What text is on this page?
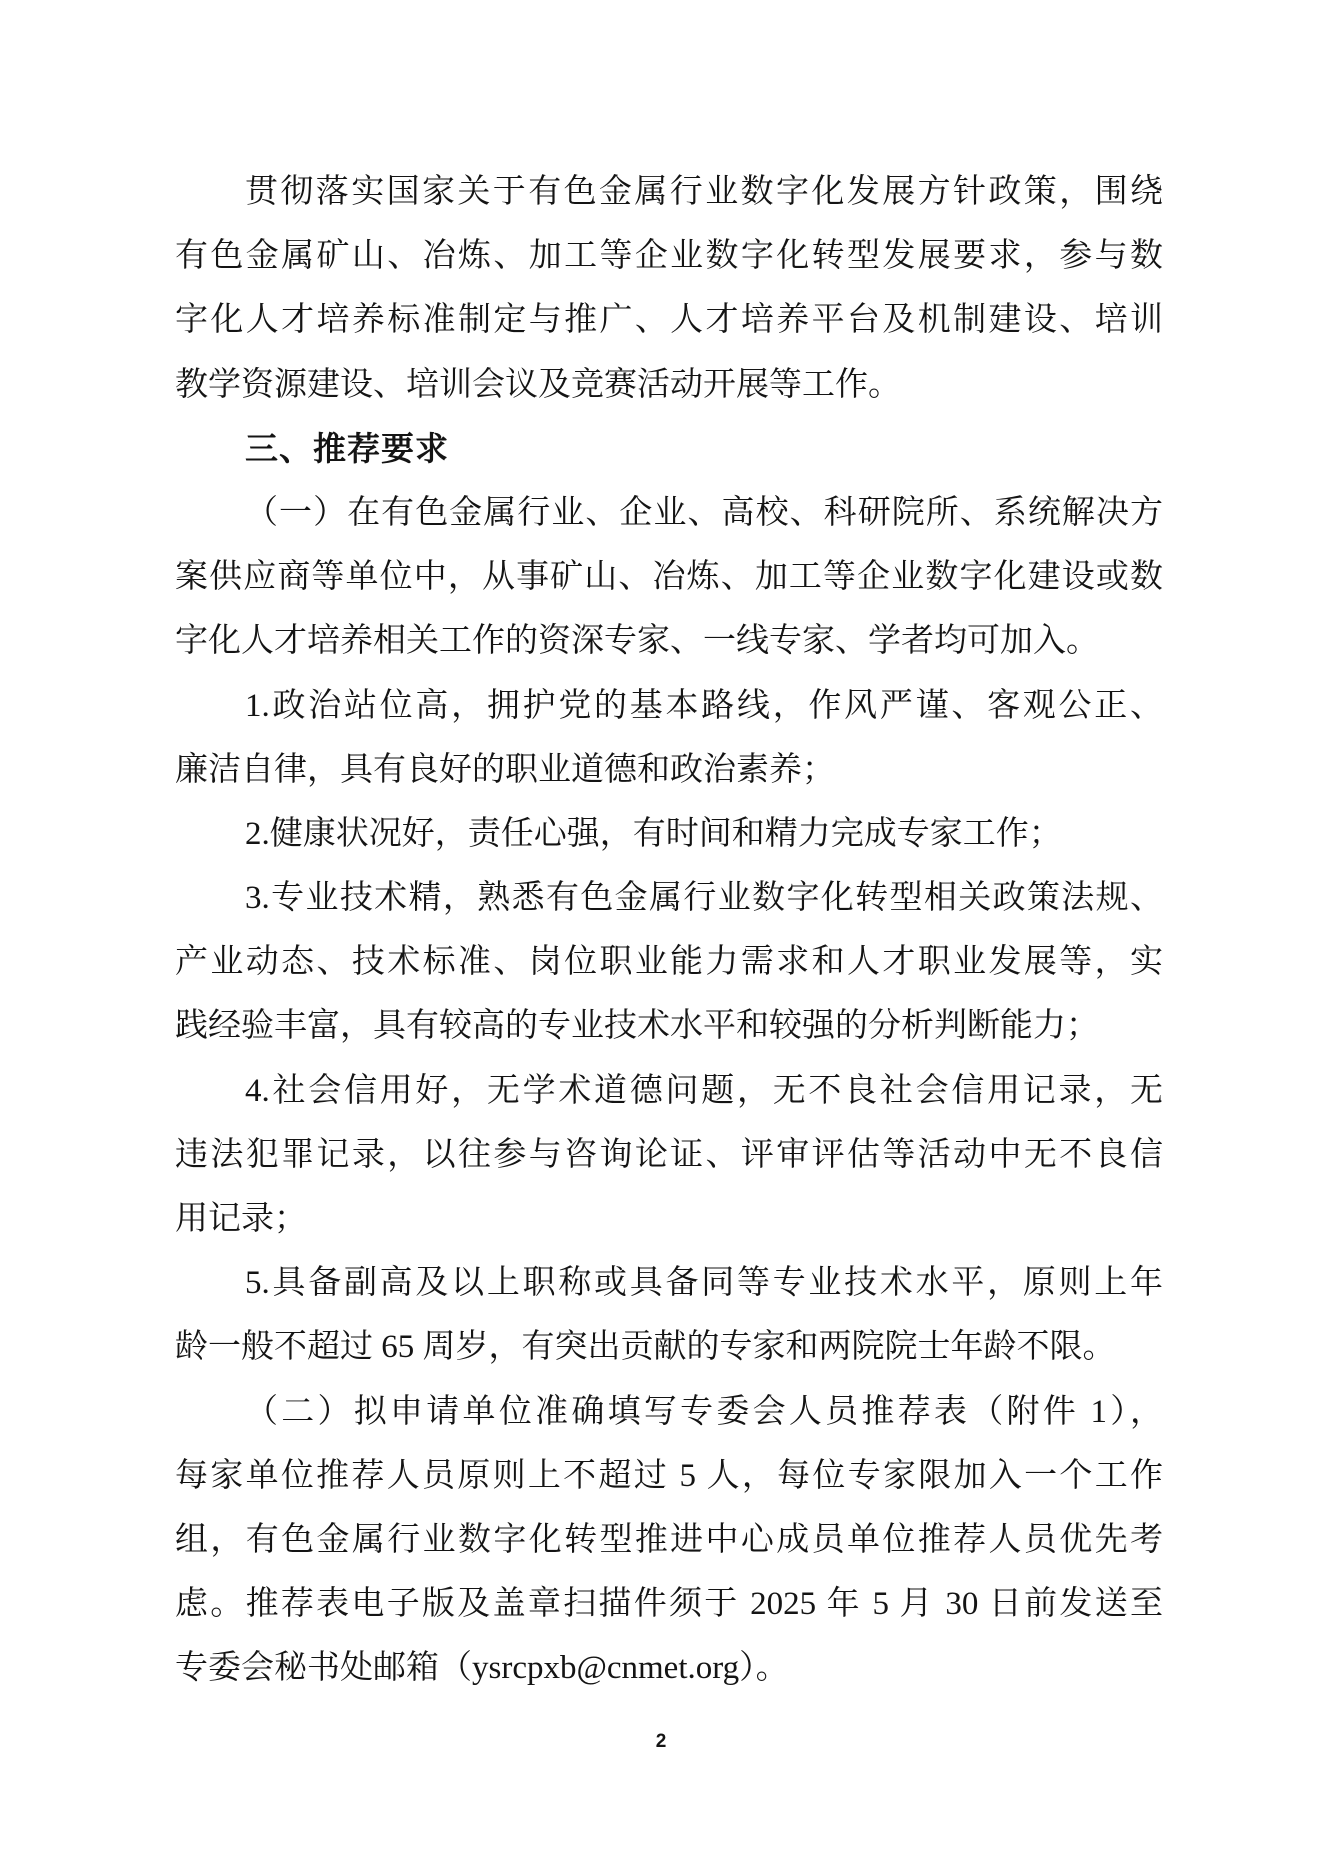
贯彻落实国家关于有色金属行业数字化发展方针政策，围绕
有色金属矿山、冶炼、加工等企业数字化转型发展要求，参与数
字化人才培养标准制定与推广、人才培养平台及机制建设、培训
教学资源建设、培训会议及竞赛活动开展等工作。
三、推荐要求
（一）在有色金属行业、企业、高校、科研院所、系统解决方
案供应商等单位中，从事矿山、冶炼、加工等企业数字化建设或数
字化人才培养相关工作的资深专家、一线专家、学者均可加入。
1.政治站位高，拥护党的基本路线，作风严谨、客观公正、
廉洁自律，具有良好的职业道德和政治素养；
2.健康状况好，责任心强，有时间和精力完成专家工作；
3.专业技术精，熟悉有色金属行业数字化转型相关政策法规、
产业动态、技术标准、岗位职业能力需求和人才职业发展等，实
践经验丰富，具有较高的专业技术水平和较强的分析判断能力；
4.社会信用好，无学术道德问题，无不良社会信用记录，无
违法犯罪记录，以往参与咨询论证、评审评估等活动中无不良信
用记录；
5.具备副高及以上职称或具备同等专业技术水平，原则上年
龄一般不超过 65 周岁，有突出贡献的专家和两院院士年龄不限。
（二）拟申请单位准确填写专委会人员推荐表（附件 1），
每家单位推荐人员原则上不超过 5 人，每位专家限加入一个工作
组，有色金属行业数字化转型推进中心成员单位推荐人员优先考
虑。推荐表电子版及盖章扫描件须于 2025 年 5 月 30 日前发送至
专委会秘书处邮箱（ysrcpxb@cnmet.org）。
2
